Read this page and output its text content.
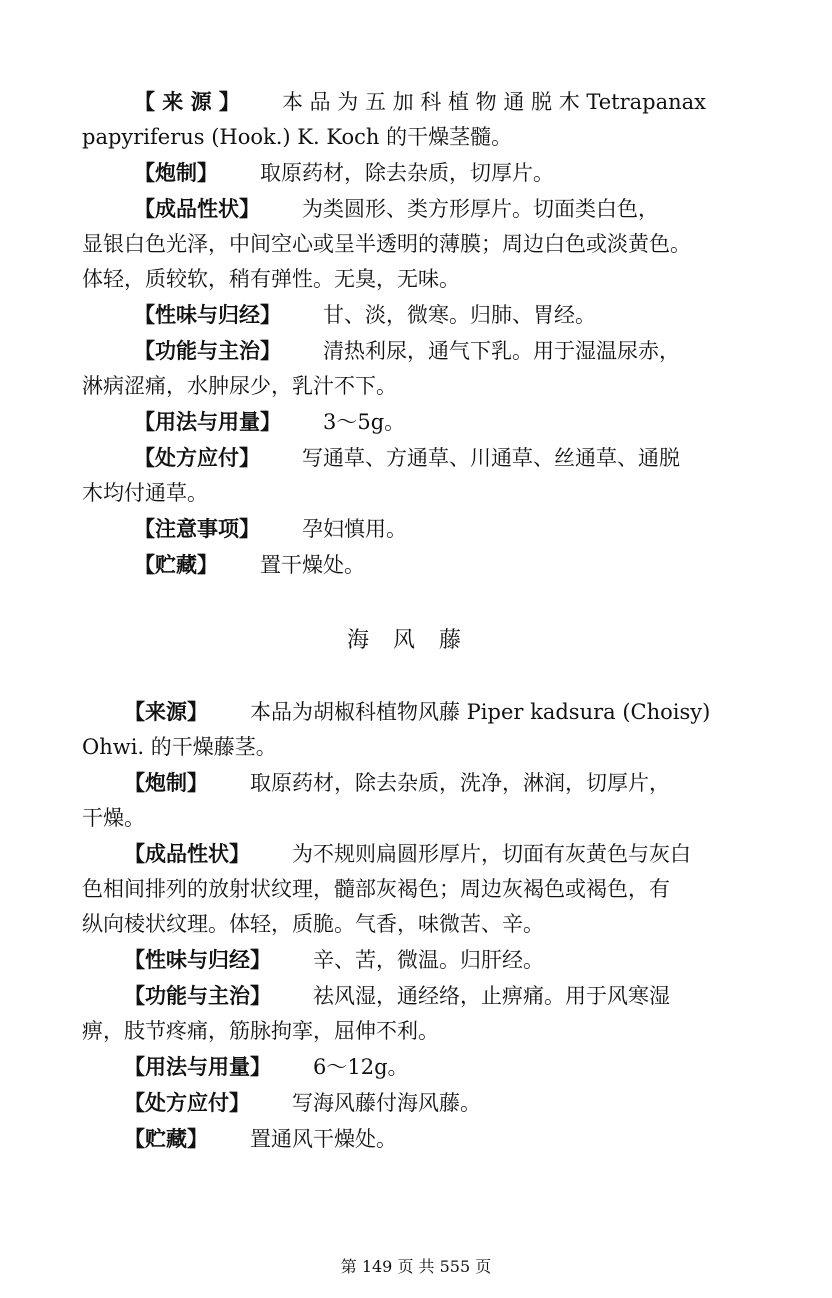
【 来 源 】 本 品 为 五 加 科 植 物 通 脱 木 Tetrapanax

papyriferus (Hook.) K. Koch 的干燥茎髓。

【炮制】 取原药材，除去杂质，切厚片。

【成品性状】 为类圆形、类方形厚片。切面类白色，

显银白色光泽，中间空心或呈半透明的薄膜；周边白色或淡黄色。

体轻，质较软，稍有弹性。无臭，无味。

【性味与归经】 甘、淡，微寒。归肺、胃经。

【功能与主治】 清热利尿，通气下乳。用于湿温尿赤，

淋病涩痛，水肿尿少，乳汁不下。

【用法与用量】 3～5g。

【处方应付】 写通草、方通草、川通草、丝通草、通脱

木均付通草。

【注意事项】 孕妇慎用。

【贮藏】 置干燥处。

海风藤

【来源】 本品为胡椒科植物风藤 Piper kadsura (Choisy)

Ohwi. 的干燥藤茎。

【炮制】 取原药材，除去杂质，洗净，淋润，切厚片，

干燥。

【成品性状】 为不规则扁圆形厚片，切面有灰黄色与灰白

色相间排列的放射状纹理，髓部灰褐色；周边灰褐色或褐色，有

纵向棱状纹理。体轻，质脆。气香，味微苦、辛。

【性味与归经】 辛、苦，微温。归肝经。

【功能与主治】 祛风湿，通经络，止痹痛。用于风寒湿

痹，肢节疼痛，筋脉拘挛，屈伸不利。

【用法与用量】 6～12g。

【处方应付】 写海风藤付海风藤。

【贮藏】 置通风干燥处。

第 149 页 共 555 页
